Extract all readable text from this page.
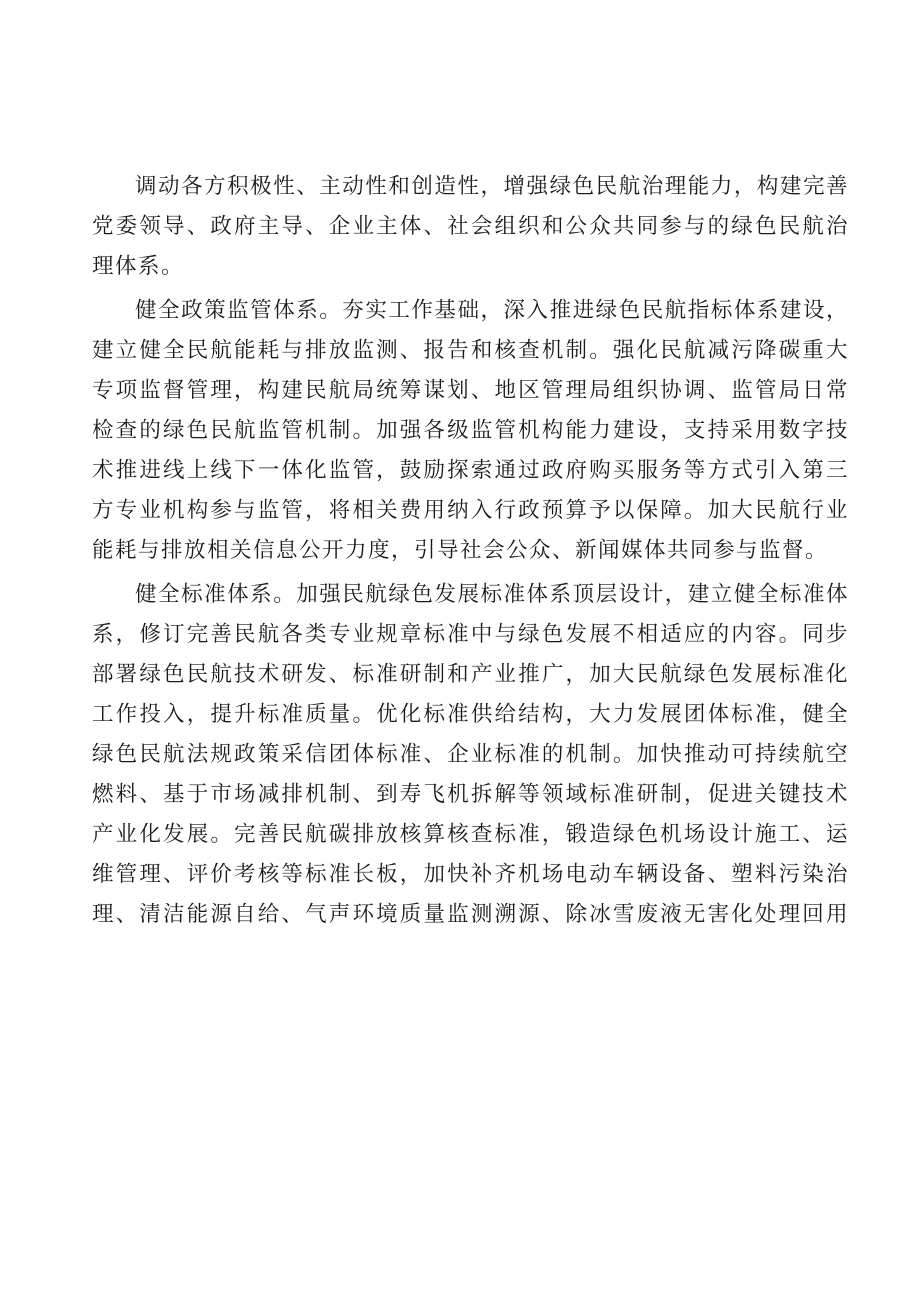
调动各方积极性、主动性和创造性，增强绿色民航治理能力，构建完善
党委领导、政府主导、企业主体、社会组织和公众共同参与的绿色民航治
理体系。
健全政策监管体系。夯实工作基础，深入推进绿色民航指标体系建设，
建立健全民航能耗与排放监测、报告和核查机制。强化民航减污降碳重大
专项监督管理，构建民航局统筹谋划、地区管理局组织协调、监管局日常
检查的绿色民航监管机制。加强各级监管机构能力建设，支持采用数字技
术推进线上线下一体化监管，鼓励探索通过政府购买服务等方式引入第三
方专业机构参与监管，将相关费用纳入行政预算予以保障。加大民航行业
能耗与排放相关信息公开力度，引导社会公众、新闻媒体共同参与监督。
健全标准体系。加强民航绿色发展标准体系顶层设计，建立健全标准体
系，修订完善民航各类专业规章标准中与绿色发展不相适应的内容。同步
部署绿色民航技术研发、标准研制和产业推广，加大民航绿色发展标准化
工作投入，提升标准质量。优化标准供给结构，大力发展团体标准，健全
绿色民航法规政策采信团体标准、企业标准的机制。加快推动可持续航空
燃料、基于市场减排机制、到寿飞机拆解等领域标准研制，促进关键技术
产业化发展。完善民航碳排放核算核查标准，锻造绿色机场设计施工、运
维管理、评价考核等标准长板，加快补齐机场电动车辆设备、塑料污染治
理、清洁能源自给、气声环境质量监测溯源、除冰雪废液无害化处理回用
